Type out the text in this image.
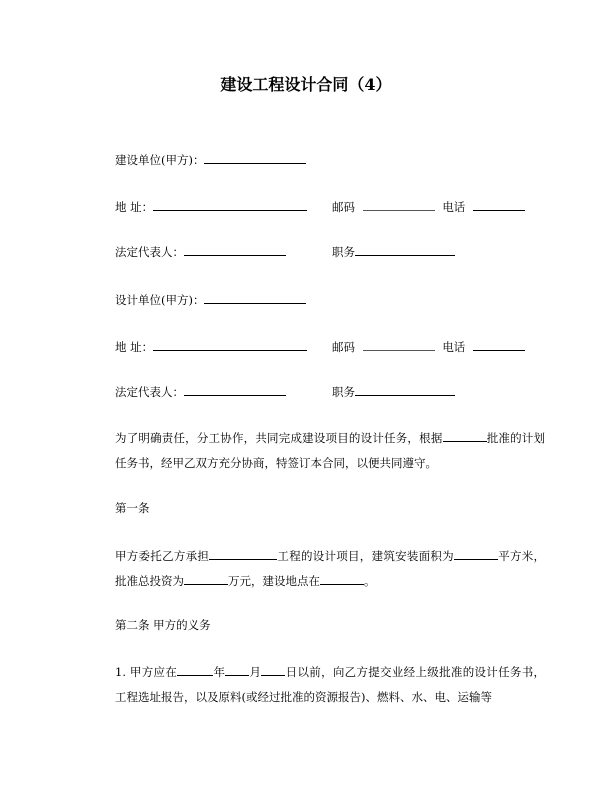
建设工程设计合同（4）
建设单位(甲方)：
地 址：	邮码	电话
法定代表人：	职务
设计单位(甲方)：
地 址：	邮码	电话
法定代表人：	职务
为了明确责任，分工协作，共同完成建设项目的设计任务，根据	批准的计划任务书，经甲乙双方充分协商，特签订本合同，以便共同遵守。
第一条
甲方委托乙方承担	工程的设计项目，建筑安装面积为	平方米，批准总投资为	万元，建设地点在	。
第二条 甲方的义务
1. 甲方应在	年 月 日以前，向乙方提交业经上级批准的设计任务书，工程选址报告，以及原料(或经过批准的资源报告)、燃料、水、电、运输等
